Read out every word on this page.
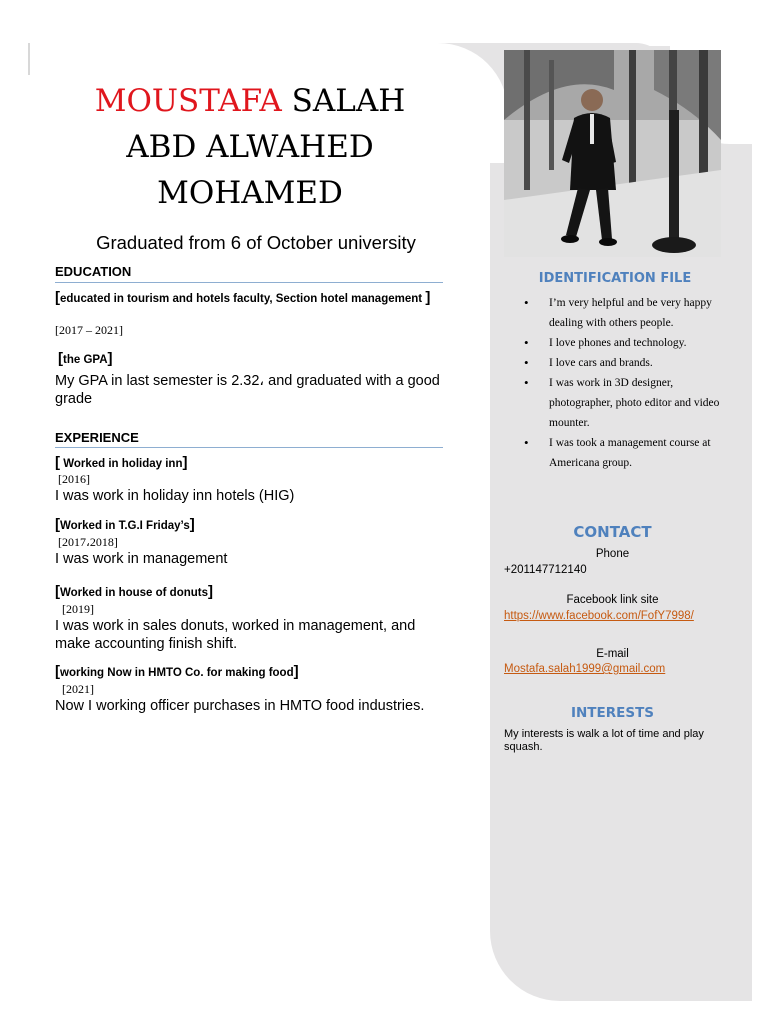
MOUSTAFA SALAH
ABD ALWAHED
MOHAMED
Graduated from 6 of October university
EDUCATION
[educated in tourism and hotels faculty, Section hotel management ]
[2017 – 2021]
[the GPA]
My GPA in last semester is 2.32، and graduated with a good grade
EXPERIENCE
[ Worked in holiday inn]
[2016]
I was work in holiday inn hotels (HIG)
[Worked in T.G.I Friday’s]
[2017،2018]
I was work in management
[Worked in house of donuts]
[2019]
I was work in sales donuts, worked in management, and make accounting finish shift.
[working Now in HMTO Co. for making food]
[2021]
Now I working officer purchases in HMTO food industries.
IDENTIFICATION FILE
• I’m very helpful and be very happy dealing with others people.
• I love phones and technology.
• I love cars and brands.
• I was work in 3D designer, photographer, photo editor and video mounter.
• I was took a management course at Americana group.
CONTACT
Phone
+201147712140
Facebook link site
https://www.facebook.com/FofY7998/
E-mail
Mostafa.salah1999@gmail.com
INTERESTS
My interests is walk a lot of time and play squash.
